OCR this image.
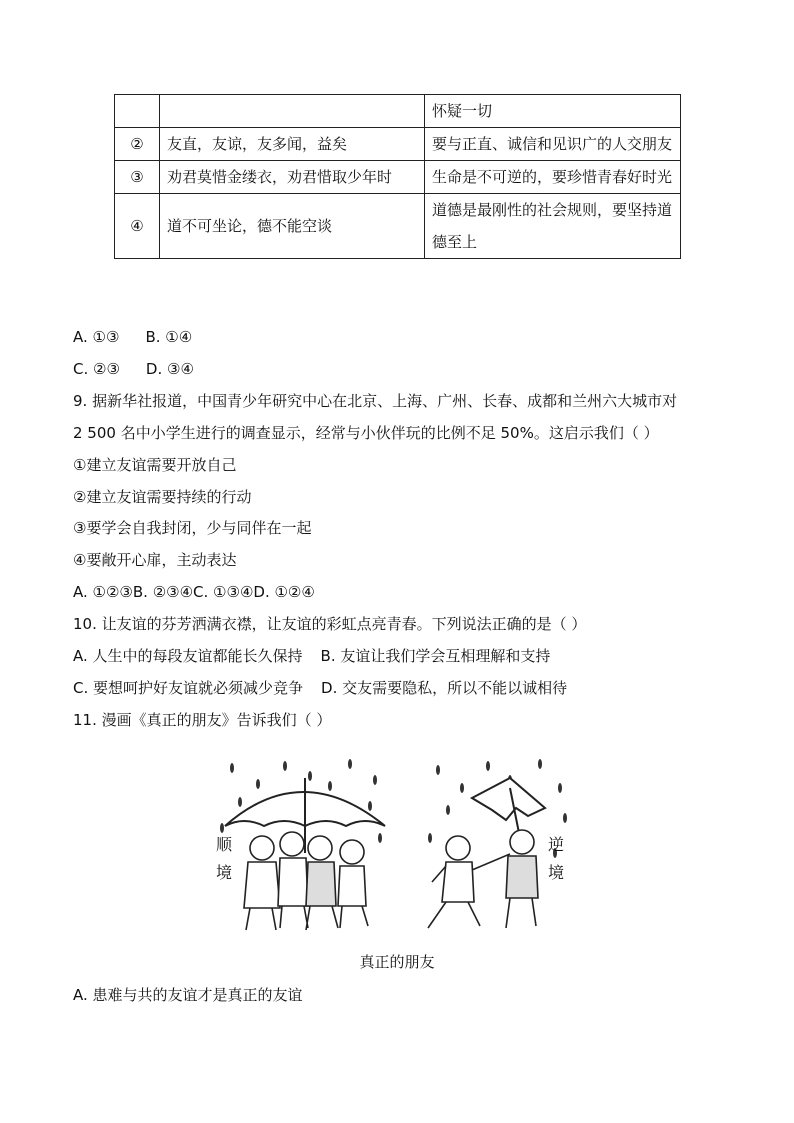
		怀疑一切
②	友直，友谅，友多闻，益矣	要与正直、诚信和见识广的人交朋友
③	劝君莫惜金缕衣，劝君惜取少年时	生命是不可逆的，要珍惜青春好时光
④	道不可坐论，德不能空谈	道德是最刚性的社会规则，要坚持道德至上
A. ①③ B. ①④
C. ②③ D. ③④
9. 据新华社报道，中国青少年研究中心在北京、上海、广州、长春、成都和兰州六大城市对
2 500 名中小学生进行的调查显示，经常与小伙伴玩的比例不足 50%。这启示我们（ ）
①建立友谊需要开放自己
②建立友谊需要持续的行动
③要学会自我封闭，少与同伴在一起
④要敞开心扉，主动表达
A. ①②③B. ②③④C. ①③④D. ①②④
10. 让友谊的芬芳洒满衣襟，让友谊的彩虹点亮青春。下列说法正确的是（ ）
A. 人生中的每段友谊都能长久保持 B. 友谊让我们学会互相理解和支持
C. 要想呵护好友谊就必须减少竞争 D. 交友需要隐私，所以不能以诚相待
11. 漫画《真正的朋友》告诉我们（ ）
顺
境
逆
境
真正的朋友
A. 患难与共的友谊才是真正的友谊
